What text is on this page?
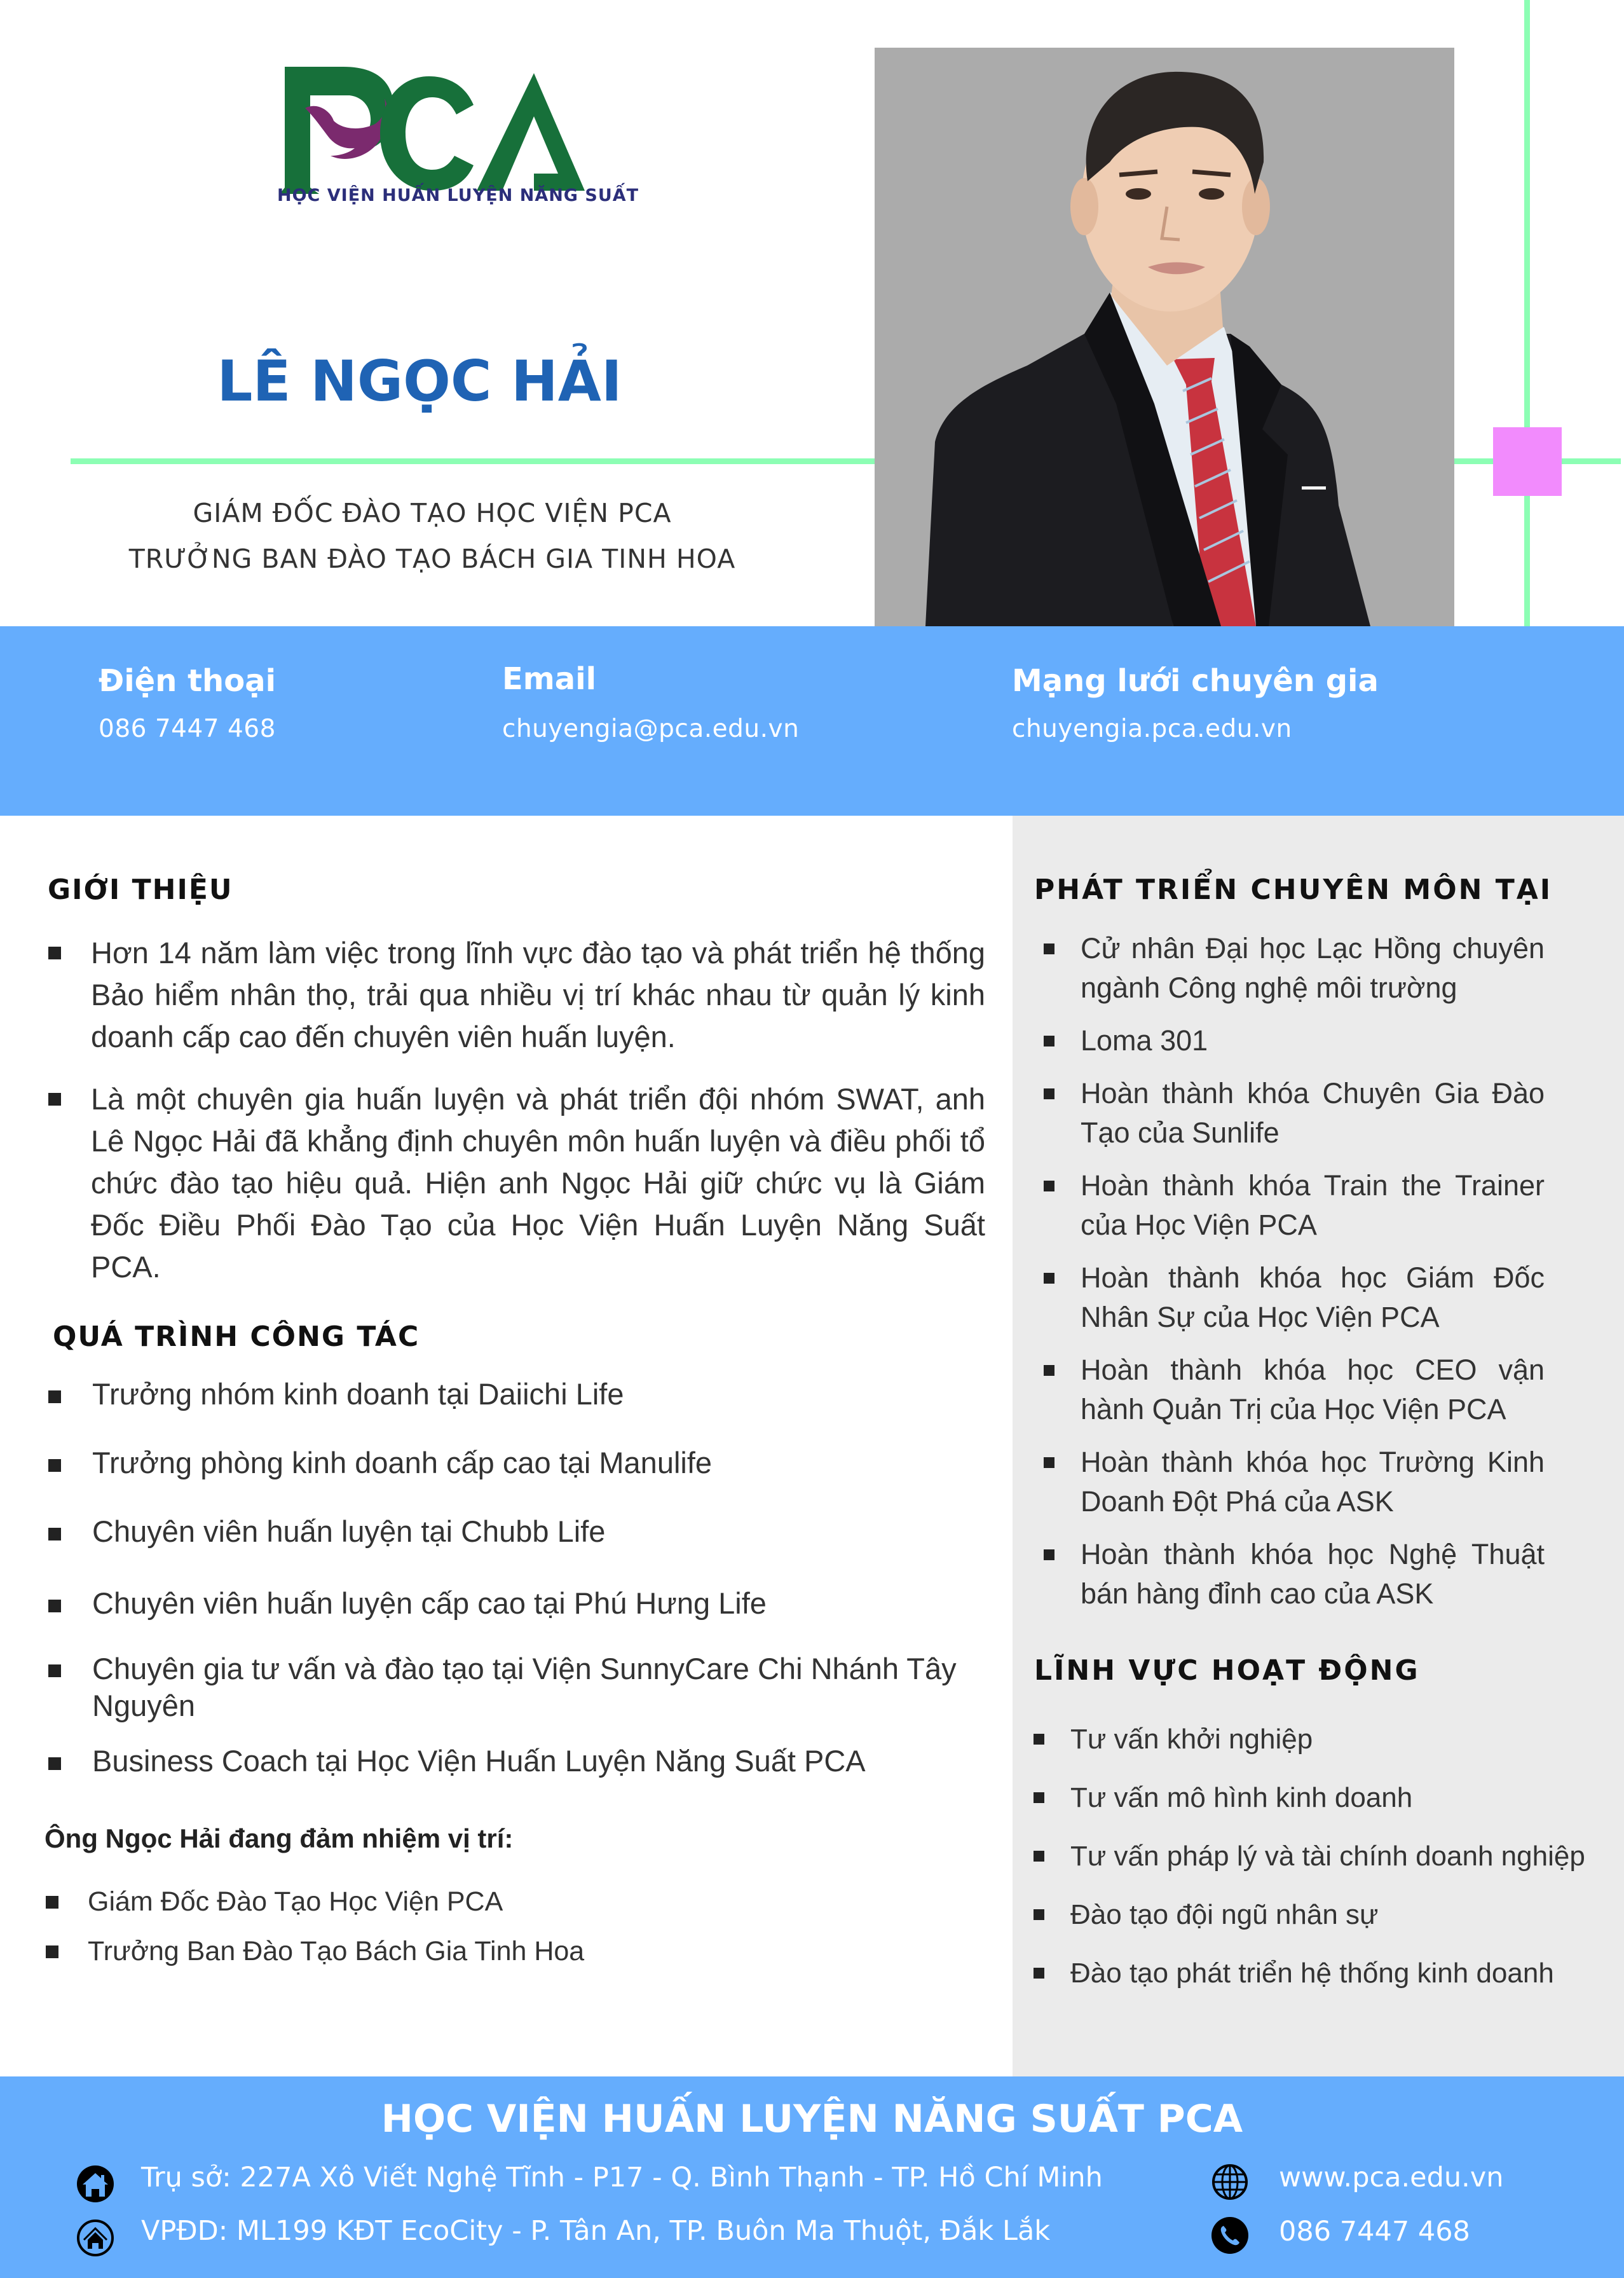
HỌC VIỆN HUẤN LUYỆN NĂNG SUẤT
LÊ NGỌC HẢI
GIÁM ĐỐC ĐÀO TẠO HỌC VIỆN PCA
TRƯỞNG BAN ĐÀO TẠO BÁCH GIA TINH HOA
Điện thoại
086 7447 468
Email
chuyengia@pca.edu.vn
Mạng lưới chuyên gia
chuyengia.pca.edu.vn
GIỚI THIỆU
Hơn 14 năm làm việc trong lĩnh vực đào tạo và phát triển hệ thống Bảo hiểm nhân thọ, trải qua nhiều vị trí khác nhau từ quản lý kinh doanh cấp cao đến chuyên viên huấn luyện.
Là một chuyên gia huấn luyện và phát triển đội nhóm SWAT, anh Lê Ngọc Hải đã khẳng định chuyên môn huấn luyện và điều phối tổ chức đào tạo hiệu quả. Hiện anh Ngọc Hải giữ chức vụ là Giám Đốc Điều Phối Đào Tạo của Học Viện Huấn Luyện Năng Suất PCA.
QUÁ TRÌNH CÔNG TÁC
Trưởng nhóm kinh doanh tại Daiichi Life
Trưởng phòng kinh doanh cấp cao tại Manulife
Chuyên viên huấn luyện tại Chubb Life
Chuyên viên huấn luyện cấp cao tại Phú Hưng Life
Chuyên gia tư vấn và đào tạo tại Viện SunnyCare Chi Nhánh Tây Nguyên
Business Coach tại Học Viện Huấn Luyện Năng Suất PCA
Ông Ngọc Hải đang đảm nhiệm vị trí:
Giám Đốc Đào Tạo Học Viện PCA
Trưởng Ban Đào Tạo Bách Gia Tinh Hoa
PHÁT TRIỂN CHUYÊN MÔN TẠI
Cử nhân Đại học Lạc Hồng chuyên ngành Công nghệ môi trường
Loma 301
Hoàn thành khóa Chuyên Gia Đào Tạo của Sunlife
Hoàn thành khóa Train the Trainer của Học Viện PCA
Hoàn thành khóa học Giám Đốc Nhân Sự của Học Viện PCA
Hoàn thành khóa học CEO vận hành Quản Trị của Học Viện PCA
Hoàn thành khóa học Trường Kinh Doanh Đột Phá của ASK
Hoàn thành khóa học Nghệ Thuật bán hàng đỉnh cao của ASK
LĨNH VỰC HOẠT ĐỘNG
Tư vấn khởi nghiệp
Tư vấn mô hình kinh doanh
Tư vấn pháp lý và tài chính doanh nghiệp
Đào tạo đội ngũ nhân sự
Đào tạo phát triển hệ thống kinh doanh
HỌC VIỆN HUẤN LUYỆN NĂNG SUẤT PCA
Trụ sở: 227A Xô Viết Nghệ Tĩnh - P17 - Q. Bình Thạnh - TP. Hồ Chí Minh
VPĐD: ML199 KĐT EcoCity - P. Tân An, TP. Buôn Ma Thuột, Đắk Lắk
www.pca.edu.vn
086 7447 468
